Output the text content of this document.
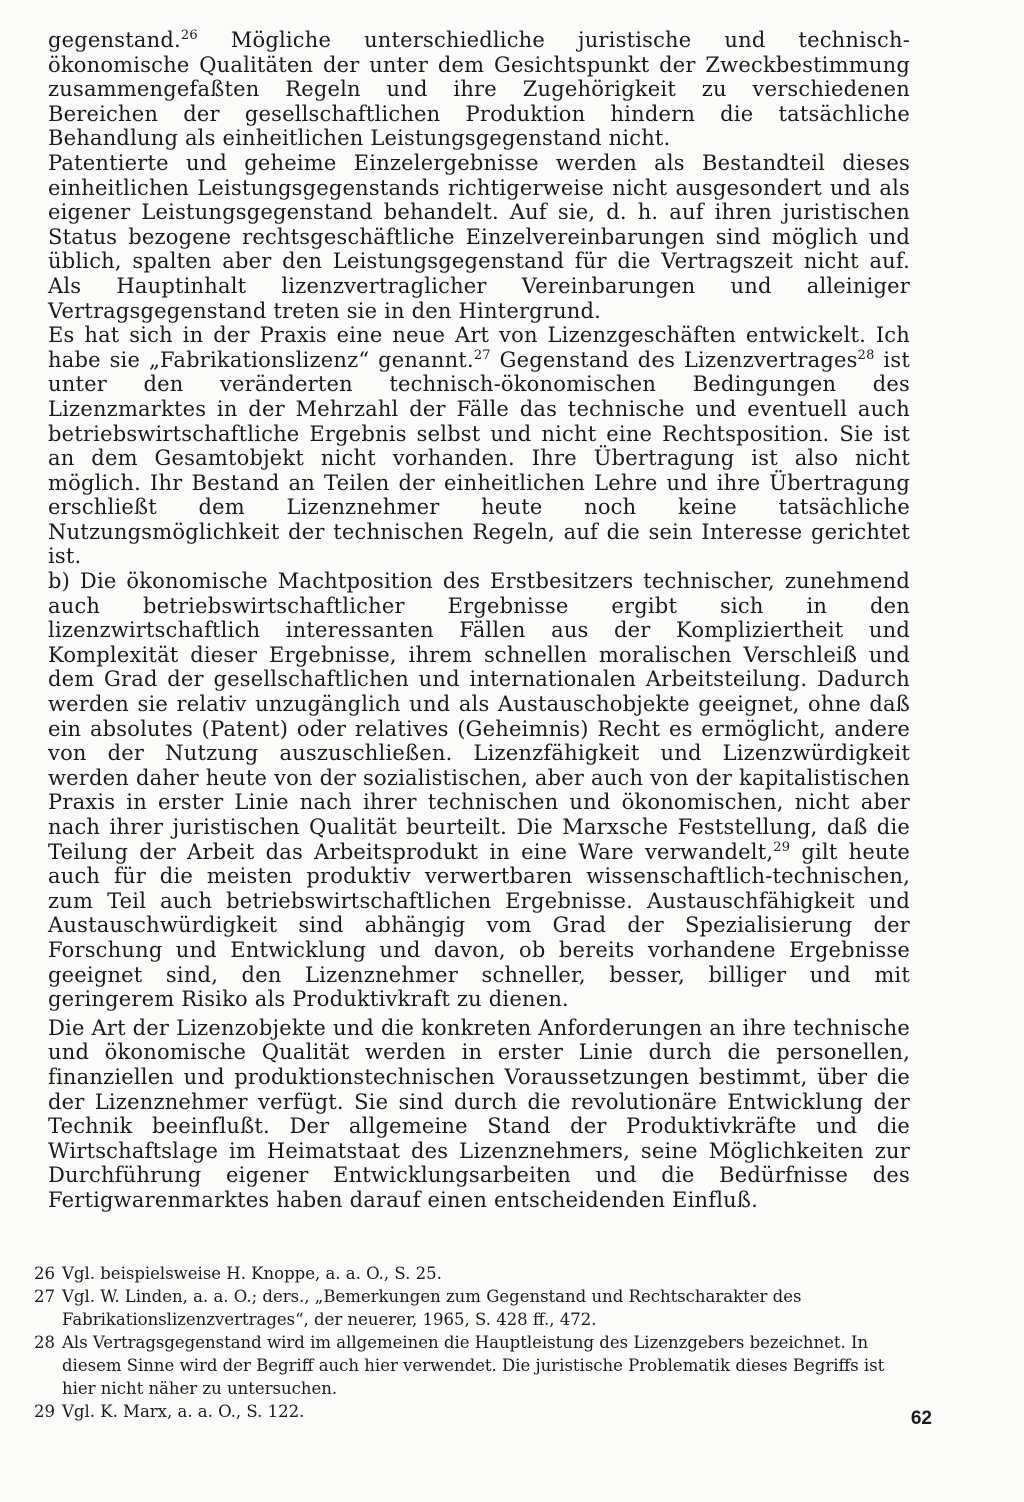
gegenstand.$^{26}$ Mögliche unterschiedliche juristische und technisch-ökonomische Qualitäten der unter dem Gesichtspunkt der Zweckbestimmung zusammengefaßten Regeln und ihre Zugehörigkeit zu verschiedenen Bereichen der gesellschaftlichen Produktion hindern die tatsächliche Behandlung als einheitlichen Leistungsgegenstand nicht.

Patentierte und geheime Einzelergebnisse werden als Bestandteil dieses einheitlichen Leistungsgegenstands richtigerweise nicht ausgesondert und als eigener Leistungsgegenstand behandelt. Auf sie, d. h. auf ihren juristischen Status bezogene rechtsgeschäftliche Einzelvereinbarungen sind möglich und üblich, spalten aber den Leistungsgegenstand für die Vertragszeit nicht auf. Als Hauptinhalt lizenzvertraglicher Vereinbarungen und alleiniger Vertragsgegenstand treten sie in den Hintergrund.

Es hat sich in der Praxis eine neue Art von Lizenzgeschäften entwickelt. Ich habe sie „Fabrikationslizenz“ genannt.$^{27}$ Gegenstand des Lizenzvertrages$^{28}$ ist unter den veränderten technisch-ökonomischen Bedingungen des Lizenzmarktes in der Mehrzahl der Fälle das technische und eventuell auch betriebswirtschaftliche Ergebnis selbst und nicht eine Rechtsposition. Sie ist an dem Gesamtobjekt nicht vorhanden. Ihre Übertragung ist also nicht möglich. Ihr Bestand an Teilen der einheitlichen Lehre und ihre Übertragung erschließt dem Lizenznehmer heute noch keine tatsächliche Nutzungsmöglichkeit der technischen Regeln, auf die sein Interesse gerichtet ist.

b) Die ökonomische Machtposition des Erstbesitzers technischer, zunehmend auch betriebswirtschaftlicher Ergebnisse ergibt sich in den lizenzwirtschaftlich interessanten Fällen aus der Kompliziertheit und Komplexität dieser Ergebnisse, ihrem schnellen moralischen Verschleiß und dem Grad der gesellschaftlichen und internationalen Arbeitsteilung. Dadurch werden sie relativ unzugänglich und als Austauschobjekte geeignet, ohne daß ein absolutes (Patent) oder relatives (Geheimnis) Recht es ermöglicht, andere von der Nutzung auszuschließen. Lizenzfähigkeit und Lizenzwürdigkeit werden daher heute von der sozialistischen, aber auch von der kapitalistischen Praxis in erster Linie nach ihrer technischen und ökonomischen, nicht aber nach ihrer juristischen Qualität beurteilt. Die Marxsche Feststellung, daß die Teilung der Arbeit das Arbeitsprodukt in eine Ware verwandelt,$^{29}$ gilt heute auch für die meisten produktiv verwertbaren wissenschaftlich-technischen, zum Teil auch betriebswirtschaftlichen Ergebnisse. Austauschfähigkeit und Austauschwürdigkeit sind abhängig vom Grad der Spezialisierung der Forschung und Entwicklung und davon, ob bereits vorhandene Ergebnisse geeignet sind, den Lizenznehmer schneller, besser, billiger und mit geringerem Risiko als Produktivkraft zu dienen.

Die Art der Lizenzobjekte und die konkreten Anforderungen an ihre technische und ökonomische Qualität werden in erster Linie durch die personellen, finanziellen und produktionstechnischen Voraussetzungen bestimmt, über die der Lizenznehmer verfügt. Sie sind durch die revolutionäre Entwicklung der Technik beeinflußt. Der allgemeine Stand der Produktivkräfte und die Wirtschaftslage im Heimatstaat des Lizenznehmers, seine Möglichkeiten zur Durchführung eigener Entwicklungsarbeiten und die Bedürfnisse des Fertigwarenmarktes haben darauf einen entscheidenden Einfluß.

26 Vgl. beispielsweise H. Knoppe, a. a. O., S. 25.
27 Vgl. W. Linden, a. a. O.; ders., „Bemerkungen zum Gegenstand und Rechtscharakter des Fabrikationslizenzvertrages“, der neuerer, 1965, S. 428 ff., 472.
28 Als Vertragsgegenstand wird im allgemeinen die Hauptleistung des Lizenzgebers bezeichnet. In diesem Sinne wird der Begriff auch hier verwendet. Die juristische Problematik dieses Begriffs ist hier nicht näher zu untersuchen.
29 Vgl. K. Marx, a. a. O., S. 122.	62
